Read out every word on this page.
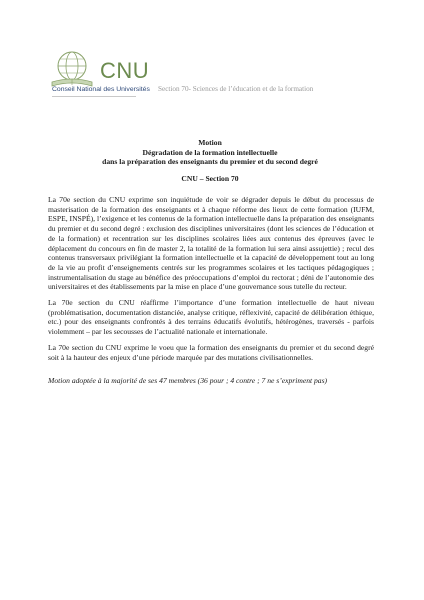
CNU
Conseil National des Universités Section 70- Sciences de l’éducation et de la formation
Motion
Dégradation de la formation intellectuelle
dans la préparation des enseignants du premier et du second degré
CNU – Section 70

La 70e section du CNU exprime son inquiétude de voir se dégrader depuis le début du processus de masterisation de la formation des enseignants et à chaque réforme des lieux de cette formation (IUFM, ESPE, INSPÉ), l’exigence et les contenus de la formation intellectuelle dans la préparation des enseignants du premier et du second degré : exclusion des disciplines universitaires (dont les sciences de l’éducation et de la formation) et recentration sur les disciplines scolaires liées aux contenus des épreuves (avec le déplacement du concours en fin de master 2, la totalité de la formation lui sera ainsi assujettie) ; recul des contenus transversaux privilégiant la formation intellectuelle et la capacité de développement tout au long de la vie au profit d’enseignements centrés sur les programmes scolaires et les tactiques pédagogiques ; instrumentalisation du stage au bénéfice des préoccupations d’emploi du rectorat ; déni de l’autonomie des universitaires et des établissements par la mise en place d’une gouvernance sous tutelle du recteur.

La 70e section du CNU réaffirme l’importance d’une formation intellectuelle de haut niveau (problématisation, documentation distanciée, analyse critique, réflexivité, capacité de délibération éthique, etc.) pour des enseignants confrontés à des terrains éducatifs évolutifs, hétérogènes, traversés - parfois violemment – par les secousses de l’actualité nationale et internationale.

La 70e section du CNU exprime le voeu que la formation des enseignants du premier et du second degré soit à la hauteur des enjeux d’une période marquée par des mutations civilisationnelles.

Motion adoptée à la majorité de ses 47 membres (36 pour ; 4 contre ; 7 ne s’expriment pas)
